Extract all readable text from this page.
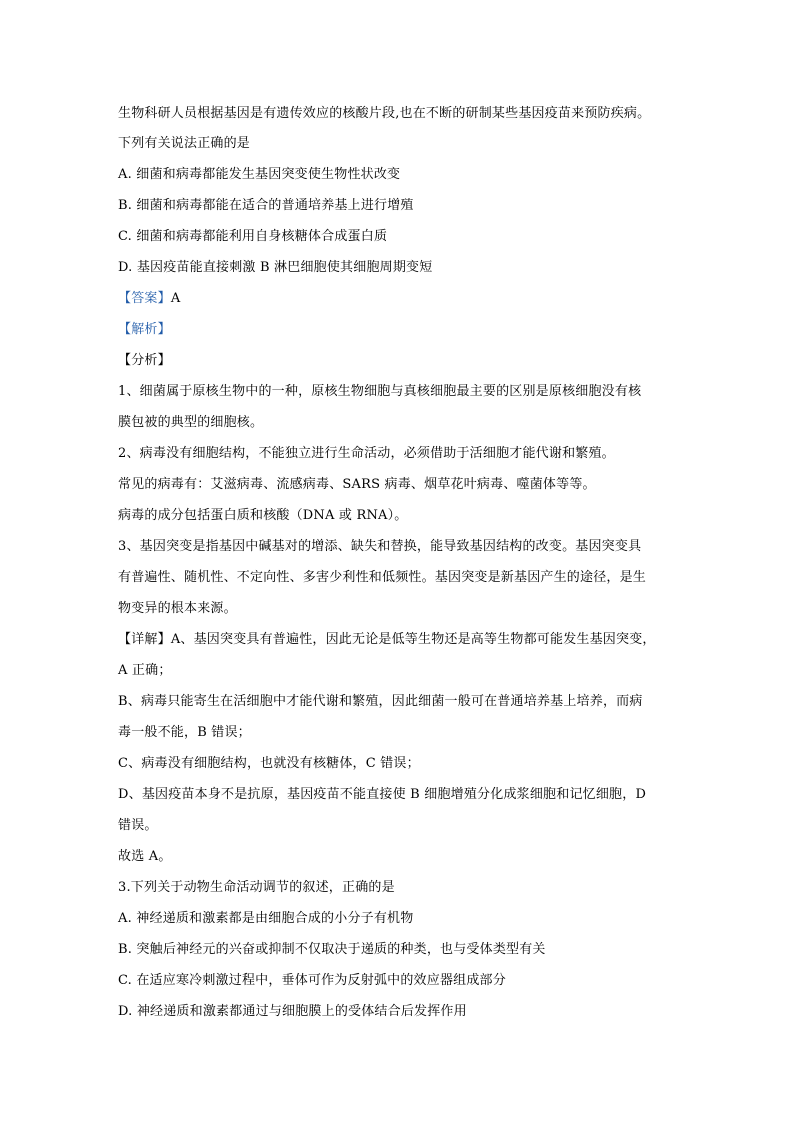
生物科研人员根据基因是有遗传效应的核酸片段,也在不断的研制某些基因疫苗来预防疾病。
下列有关说法正确的是
A. 细菌和病毒都能发生基因突变使生物性状改变
B. 细菌和病毒都能在适合的普通培养基上进行增殖
C. 细菌和病毒都能利用自身核糖体合成蛋白质
D. 基因疫苗能直接刺激 B 淋巴细胞使其细胞周期变短
【答案】A
【解析】
【分析】
1、细菌属于原核生物中的一种，原核生物细胞与真核细胞最主要的区别是原核细胞没有核
膜包被的典型的细胞核。
2、病毒没有细胞结构，不能独立进行生命活动，必须借助于活细胞才能代谢和繁殖。
常见的病毒有：艾滋病毒、流感病毒、SARS 病毒、烟草花叶病毒、噬菌体等等。
病毒的成分包括蛋白质和核酸（DNA 或 RNA）。
3、基因突变是指基因中碱基对的增添、缺失和替换，能导致基因结构的改变。基因突变具
有普遍性、随机性、不定向性、多害少利性和低频性。基因突变是新基因产生的途径，是生
物变异的根本来源。
【详解】A、基因突变具有普遍性，因此无论是低等生物还是高等生物都可能发生基因突变，
A 正确；
B、病毒只能寄生在活细胞中才能代谢和繁殖，因此细菌一般可在普通培养基上培养，而病
毒一般不能，B 错误；
C、病毒没有细胞结构，也就没有核糖体，C 错误；
D、基因疫苗本身不是抗原，基因疫苗不能直接使 B 细胞增殖分化成浆细胞和记忆细胞，D
错误。
故选 A。
3.下列关于动物生命活动调节的叙述，正确的是
A. 神经递质和激素都是由细胞合成的小分子有机物
B. 突触后神经元的兴奋或抑制不仅取决于递质的种类，也与受体类型有关
C. 在适应寒冷刺激过程中，垂体可作为反射弧中的效应器组成部分
D. 神经递质和激素都通过与细胞膜上的受体结合后发挥作用
